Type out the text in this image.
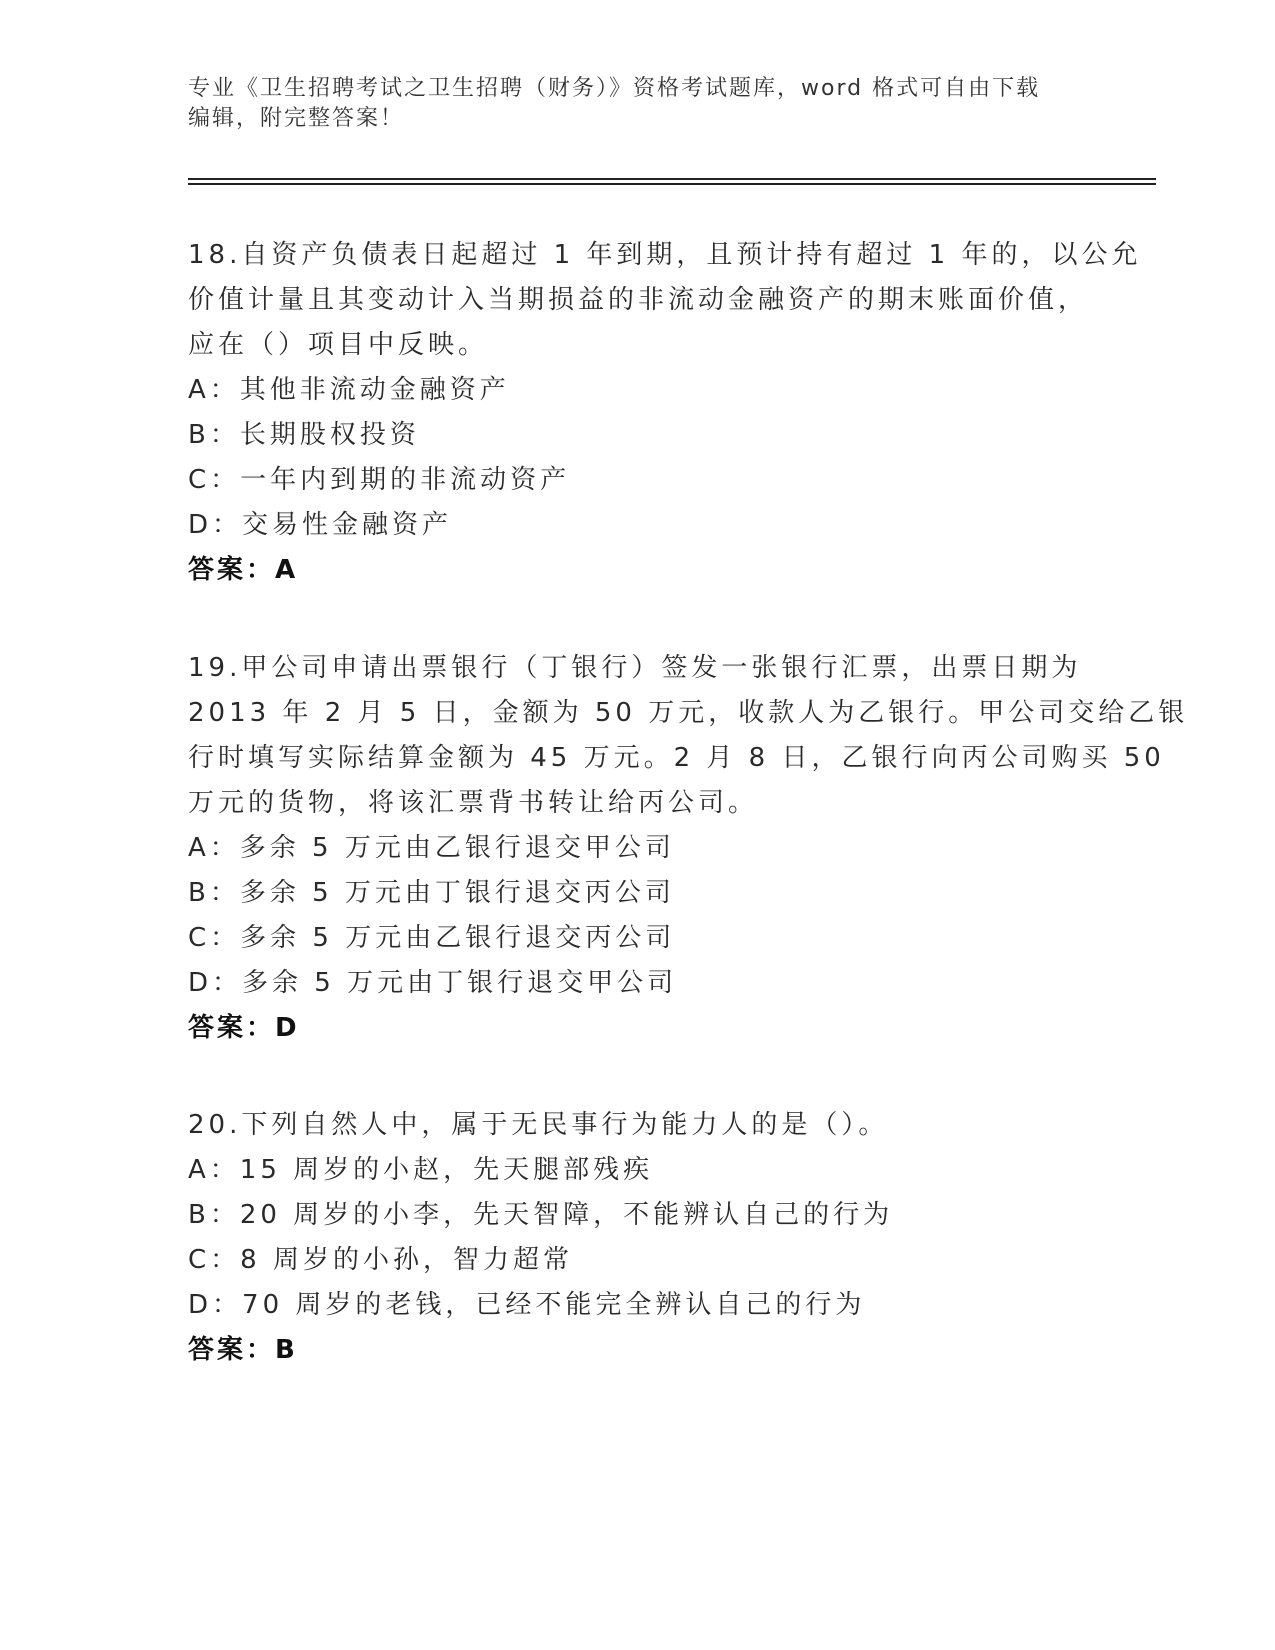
专业《卫生招聘考试之卫生招聘（财务）》资格考试题库，word 格式可自由下载
编辑，附完整答案！
18.自资产负债表日起超过 1 年到期，且预计持有超过 1 年的，以公允
价值计量且其变动计入当期损益的非流动金融资产的期末账面价值，
应在（）项目中反映。
A：其他非流动金融资产
B：长期股权投资
C：一年内到期的非流动资产
D：交易性金融资产
答案：A
19.甲公司申请出票银行（丁银行）签发一张银行汇票，出票日期为
2013 年 2 月 5 日，金额为 50 万元，收款人为乙银行。甲公司交给乙银
行时填写实际结算金额为 45 万元。2 月 8 日，乙银行向丙公司购买 50
万元的货物，将该汇票背书转让给丙公司。
A：多余 5 万元由乙银行退交甲公司
B：多余 5 万元由丁银行退交丙公司
C：多余 5 万元由乙银行退交丙公司
D：多余 5 万元由丁银行退交甲公司
答案：D
20.下列自然人中，属于无民事行为能力人的是（）。
A：15 周岁的小赵，先天腿部残疾
B：20 周岁的小李，先天智障，不能辨认自己的行为
C：8 周岁的小孙，智力超常
D：70 周岁的老钱，已经不能完全辨认自己的行为
答案：B
